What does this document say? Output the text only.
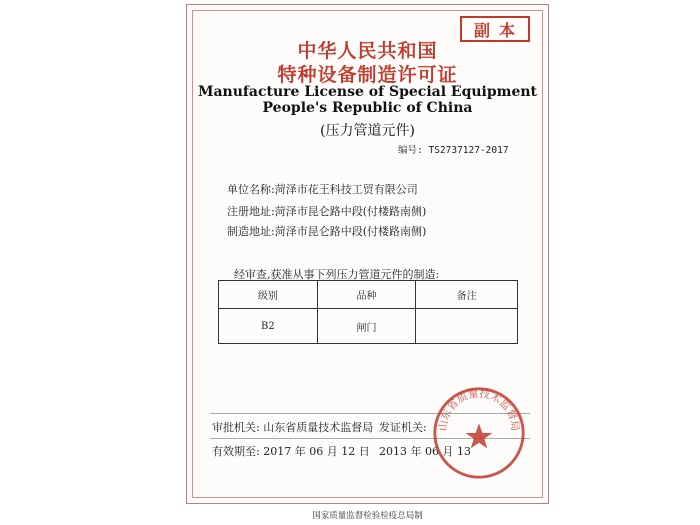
副本
中华人民共和国
特种设备制造许可证
Manufacture License of Special Equipment
People's Republic of China
(压力管道元件)
编号: TS2737127-2017
单位名称:菏泽市花王科技工贸有限公司
注册地址:菏泽市昆仑路中段(付楼路南侧)
制造地址:菏泽市昆仑路中段(付楼路南侧)
经审查,获准从事下列压力管道元件的制造:
级别	品种	备注
B2	闸门	
审批机关: 山东省质量技术监督局 发证机关:
有效期至: 2017 年 06 月 12 日 2013 年 06 月 13
山东省质量技术监督局
国家质量监督检验检疫总局制
